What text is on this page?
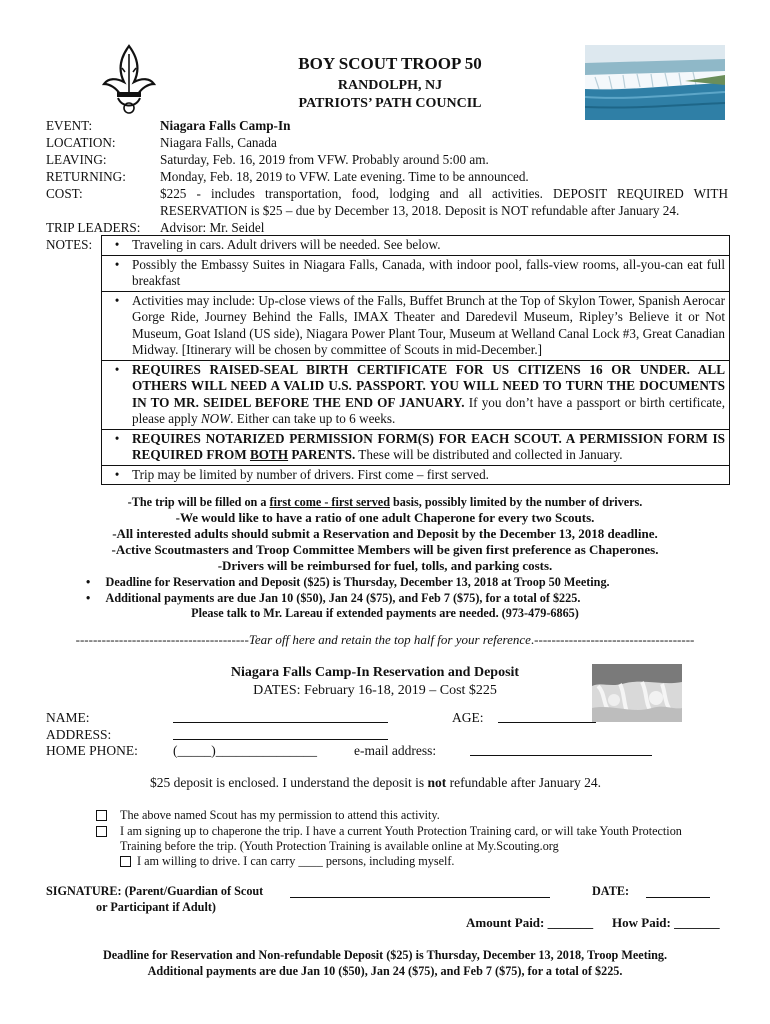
BOY SCOUT TROOP 50
RANDOLPH, NJ
PATRIOTS’ PATH COUNCIL
EVENT:	Niagara Falls Camp-In
LOCATION:	Niagara Falls, Canada
LEAVING:	Saturday, Feb. 16, 2019 from VFW. Probably around 5:00 am.
RETURNING:	Monday, Feb. 18, 2019 to VFW. Late evening. Time to be announced.
COST:	$225 - includes transportation, food, lodging and all activities. DEPOSIT REQUIRED WITH RESERVATION is $25 – due by December 13, 2018. Deposit is NOT refundable after January 24.
TRIP LEADERS:	Advisor: Mr. Seidel
NOTES:	• Traveling in cars. Adult drivers will be needed. See below.
• Possibly the Embassy Suites in Niagara Falls, Canada, with indoor pool, falls-view rooms, all-you-can eat full breakfast
• Activities may include: Up-close views of the Falls, Buffet Brunch at the Top of Skylon Tower, Spanish Aerocar Gorge Ride, Journey Behind the Falls, IMAX Theater and Daredevil Museum, Ripley’s Believe it or Not Museum, Goat Island (US side), Niagara Power Plant Tour, Museum at Welland Canal Lock #3, Great Canadian Midway. [Itinerary will be chosen by committee of Scouts in mid-December.]
• REQUIRES RAISED-SEAL BIRTH CERTIFICATE FOR US CITIZENS 16 OR UNDER. ALL OTHERS WILL NEED A VALID U.S. PASSPORT. YOU WILL NEED TO TURN THE DOCUMENTS IN TO MR. SEIDEL BEFORE THE END OF JANUARY. If you don’t have a passport or birth certificate, please apply NOW. Either can take up to 6 weeks.
• REQUIRES NOTARIZED PERMISSION FORM(S) FOR EACH SCOUT. A PERMISSION FORM IS REQUIRED FROM BOTH PARENTS. These will be distributed and collected in January.
• Trip may be limited by number of drivers. First come – first served.
-The trip will be filled on a first come - first served basis, possibly limited by the number of drivers.
-We would like to have a ratio of one adult Chaperone for every two Scouts.
-All interested adults should submit a Reservation and Deposit by the December 13, 2018 deadline.
-Active Scoutmasters and Troop Committee Members will be given first preference as Chaperones.
-Drivers will be reimbursed for fuel, tolls, and parking costs.
•     Deadline for Reservation and Deposit ($25) is Thursday, December 13, 2018 at Troop 50 Meeting.
•     Additional payments are due Jan 10 ($50), Jan 24 ($75), and Feb 7 ($75), for a total of $225.
Please talk to Mr. Lareau if extended payments are needed. (973-479-6865)
----------------------------------------Tear off here and retain the top half for your reference.-------------------------------------
Niagara Falls Camp-In Reservation and Deposit
DATES: February 16-18, 2019 – Cost $225
NAME:	AGE:
ADDRESS:
HOME PHONE:	(_____)_______________	e-mail address:
$25 deposit is enclosed. I understand the deposit is not refundable after January 24.
The above named Scout has my permission to attend this activity.
I am signing up to chaperone the trip. I have a current Youth Protection Training card, or will take Youth Protection Training before the trip. (Youth Protection Training is available online at My.Scouting.org
I am willing to drive. I can carry ____ persons, including myself.
SIGNATURE: (Parent/Guardian of Scout
or Participant if Adult)
DATE:
Amount Paid: _______ How Paid: _______
Deadline for Reservation and Non-refundable Deposit ($25) is Thursday, December 13, 2018, Troop Meeting.
Additional payments are due Jan 10 ($50), Jan 24 ($75), and Feb 7 ($75), for a total of $225.
